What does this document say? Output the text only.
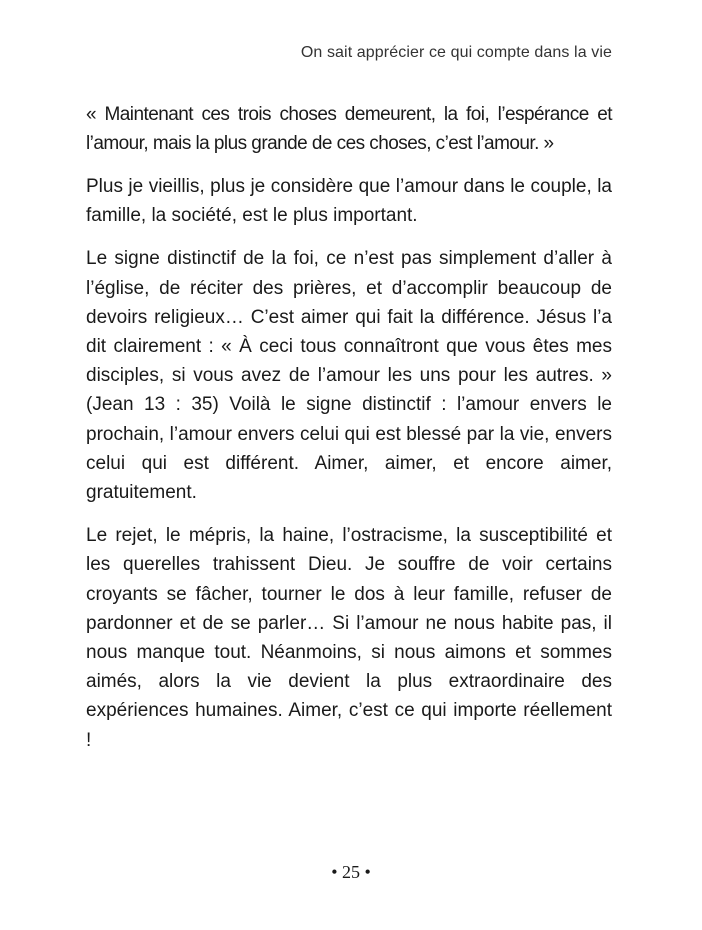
On sait apprécier ce qui compte dans la vie

« Maintenant ces trois choses demeurent, la foi, l’espérance et l’amour, mais la plus grande de ces choses, c’est l’amour. »

Plus je vieillis, plus je considère que l’amour dans le couple, la famille, la société, est le plus important.

Le signe distinctif de la foi, ce n’est pas simplement d’aller à l’église, de réciter des prières, et d’accomplir beaucoup de devoirs religieux… C’est aimer qui fait la différence. Jésus l’a dit clairement : « À ceci tous connaîtront que vous êtes mes disciples, si vous avez de l’amour les uns pour les autres. » (Jean 13 : 35) Voilà le signe distinctif : l’amour envers le prochain, l’amour envers celui qui est blessé par la vie, envers celui qui est différent. Aimer, aimer, et encore aimer, gratuitement.

Le rejet, le mépris, la haine, l’ostracisme, la susceptibilité et les querelles trahissent Dieu. Je souffre de voir certains croyants se fâcher, tourner le dos à leur famille, refuser de pardonner et de se parler… Si l’amour ne nous habite pas, il nous manque tout. Néanmoins, si nous aimons et sommes aimés, alors la vie devient la plus extraordinaire des expériences humaines. Aimer, c’est ce qui importe réellement !

• 25 •
